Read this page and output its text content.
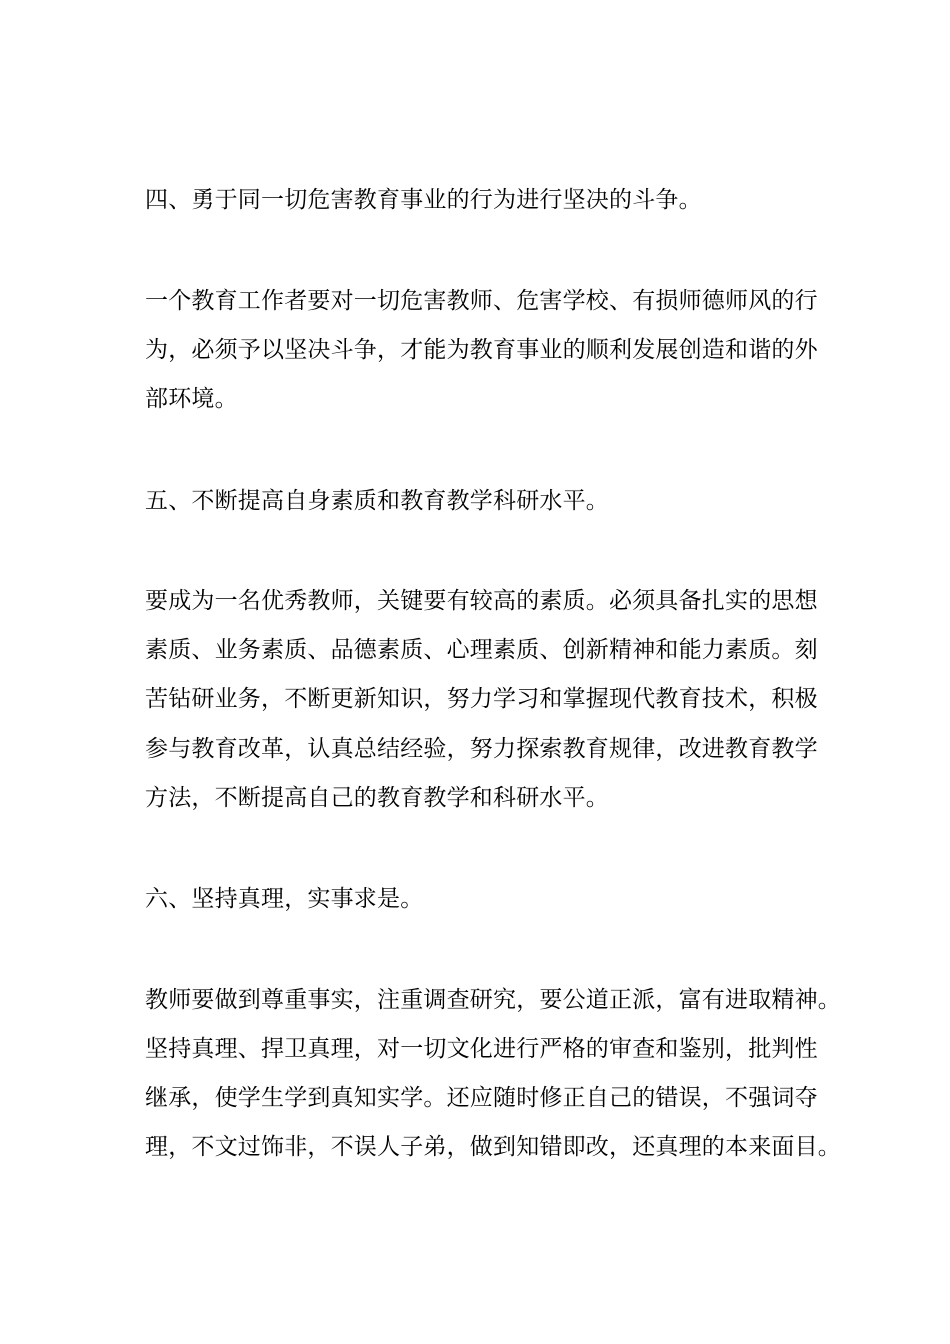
四、勇于同一切危害教育事业的行为进行坚决的斗争。
一个教育工作者要对一切危害教师、危害学校、有损师德师风的行
为，必须予以坚决斗争，才能为教育事业的顺利发展创造和谐的外
部环境。
五、不断提高自身素质和教育教学科研水平。
要成为一名优秀教师，关键要有较高的素质。必须具备扎实的思想
素质、业务素质、品德素质、心理素质、创新精神和能力素质。刻
苦钻研业务，不断更新知识，努力学习和掌握现代教育技术，积极
参与教育改革，认真总结经验，努力探索教育规律，改进教育教学
方法，不断提高自己的教育教学和科研水平。
六、坚持真理，实事求是。
教师要做到尊重事实，注重调查研究，要公道正派，富有进取精神。
坚持真理、捍卫真理，对一切文化进行严格的审查和鉴别，批判性
继承，使学生学到真知实学。还应随时修正自己的错误，不强词夺
理，不文过饰非，不误人子弟，做到知错即改，还真理的本来面目。
